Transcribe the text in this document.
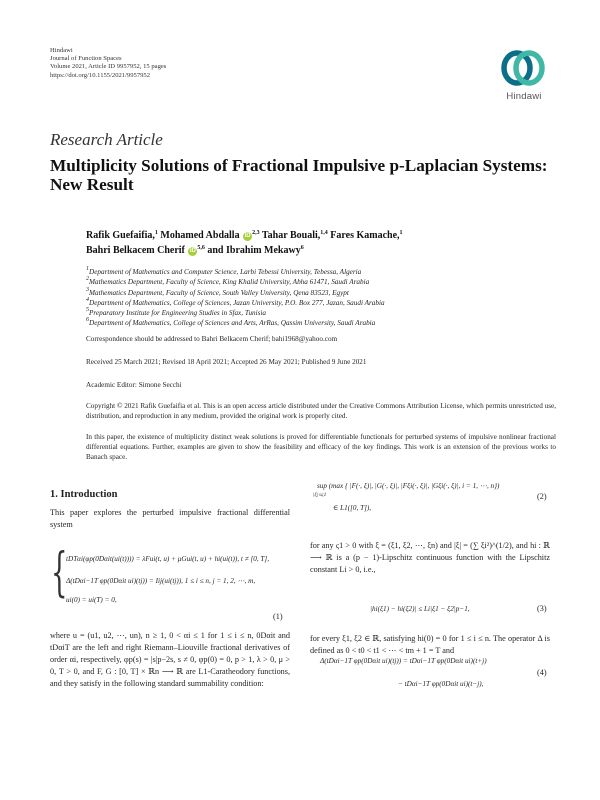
Hindawi
Journal of Function Spaces
Volume 2021, Article ID 9957952, 15 pages
https://doi.org/10.1155/2021/9957952
Hindawi
Research Article
Multiplicity Solutions of Fractional Impulsive p-Laplacian Systems: New Result
Rafik Guefaifia,$^1$ Mohamed Abdalla iD $^{2,3}$ Tahar Bouali,$^{1,4}$ Fares Kamache,$^1$
Bahri Belkacem Cherif iD $^{5,6}$ and Ibrahim Mekawy$^6$
$^1$Department of Mathematics and Computer Science, Larbi Tebessi University, Tebessa, Algeria
$^2$Mathematics Department, Faculty of Science, King Khalid University, Abha 61471, Saudi Arabia
$^3$Mathematics Department, Faculty of Science, South Valley University, Qena 83523, Egypt
$^4$Department of Mathematics, College of Sciences, Jazan University, P.O. Box 277, Jazan, Saudi Arabia
$^5$Preparatory Institute for Engineering Studies in Sfax, Tunisia
$^6$Department of Mathematics, College of Sciences and Arts, ArRas, Qassim University, Saudi Arabia
Correspondence should be addressed to Bahri Belkacem Cherif; bahi1968@yahoo.com
Received 25 March 2021; Revised 18 April 2021; Accepted 26 May 2021; Published 9 June 2021
Academic Editor: Simone Secchi
Copyright © 2021 Rafik Guefaifia et al. This is an open access article distributed under the Creative Commons Attribution License, which permits unrestricted use, distribution, and reproduction in any medium, provided the original work is properly cited.
In this paper, the existence of multiplicity distinct weak solutions is proved for differentiable functionals for perturbed systems of impulsive nonlinear fractional differential equations. Further, examples are given to show the feasibility and efficacy of the key findings. This work is an extension of the previous works to Banach space.
1. Introduction
This paper explores the perturbed impulsive fractional differential system
{
tDTαi(φp(0Dαit(ui(t)))) = λFui(t, u) + μGui(t, u) + hi(ui(t)), t ≠ [0, T],
Δ(tDαi−1T φp(0Dαit ui)(tj)) = Iij(ui(tj)), 1 ≤ i ≤ n, j = 1, 2, ⋯, m,
ui(0) = ui(T) = 0,
(1)
where u = (u1, u2, ⋯, un), n ≥ 1, 0 < αi ≤ 1 for 1 ≤ i ≤ n, 0Dαit and tDαiT are the left and right Riemann–Liouville fractional derivatives of order αi, respectively, φp(s) = |s|p−2s, s ≠ 0, φp(0) = 0, p > 1, λ > 0, μ > 0, T > 0, and F, G : [0, T] × ℝn ⟶ ℝ are L1-Caratheodory functions, and they satisfy in the following standard summability condition:
sup (max { |F(·, ξ)|, |G(·, ξ)|, |Fξi(·, ξ)|, |Gξi(·, ξ)|, i = 1, ⋯, n})
|ξ|≤ς1
∈ L1([0, T]),
(2)
for any ς1 > 0 with ξ = (ξ1, ξ2, ⋯, ξn) and |ξ| = (∑ ξi²)^(1/2), and hi : ℝ ⟶ ℝ is a (p − 1)-Lipschitz continuous function with the Lipschitz constant Li > 0, i.e.,
|hi(ξ1) − hi(ξ2)| ≤ Li|ξ1 − ξ2|p−1,	(3)
for every ξ1, ξ2 ∈ ℝ, satisfying hi(0) = 0 for 1 ≤ i ≤ n. The operator Δ is defined as 0 < t0 < t1 < ⋯ < tm + 1 = T and
Δ(tDαi−1T φp(0Dαit ui)(tj)) = tDαi−1T φp(0Dαit ui)(t+j)
− tDαi−1T φp(0Dαit ui)(t−j),
(4)
